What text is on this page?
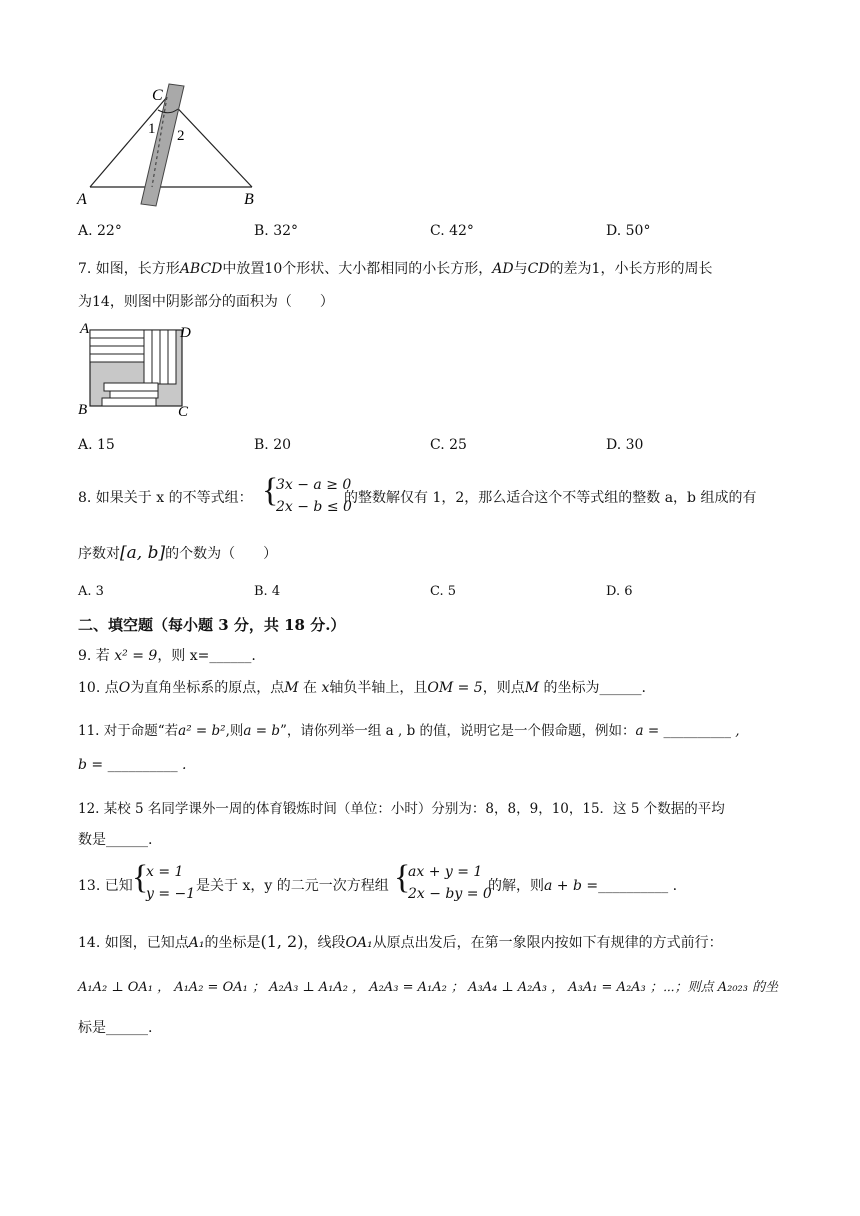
C
1 2
A	B
A. 22°	B. 32°	C. 42°	D. 50°
7. 如图，长方形ABCD中放置10个形状、大小都相同的小长方形，AD与CD的差为1，小长方形的周长
为14，则图中阴影部分的面积为（　　）
A	D
B	C
A. 15	B. 20	C. 25	D. 30
8. 如果关于 x 的不等式组： {
3x − a ≥ 0
2x − b ≤ 0
的整数解仅有 1，2，那么适合这个不等式组的整数 a，b 组成的有
序数对[a, b]的个数为（　　）
A. 3	B. 4	C. 5	D. 6
二、填空题（每小题 3 分，共 18 分.）
9. 若 x² = 9，则 x=______.
10. 点O为直角坐标系的原点，点M 在 x轴负半轴上，且OM = 5，则点M 的坐标为______.
11. 对于命题“若a² = b²,则a = b”，请你列举一组 a , b 的值，说明它是一个假命题，例如：a = __________ ,
b = __________ .
12. 某校 5 名同学课外一周的体育锻炼时间（单位：小时）分别为：8，8，9，10，15．这 5 个数据的平均
数是______.
13. 已知 {
x = 1
y = −1 是关于 x，y 的二元一次方程组 {
ax + y = 1
2x − by = 0
的解，则a + b =__________ .
14. 如图，已知点A₁的坐标是(1, 2)，线段OA₁从原点出发后，在第一象限内按如下有规律的方式前行：
A₁A₂ ⊥ OA₁ ， A₁A₂ = OA₁ ； A₂A₃ ⊥ A₁A₂ ， A₂A₃ = A₁A₂ ； A₃A₄ ⊥ A₂A₃ ， A₃A₁ = A₂A₃ ；⋯；则点 A₂₀₂₃ 的坐
标是______.
